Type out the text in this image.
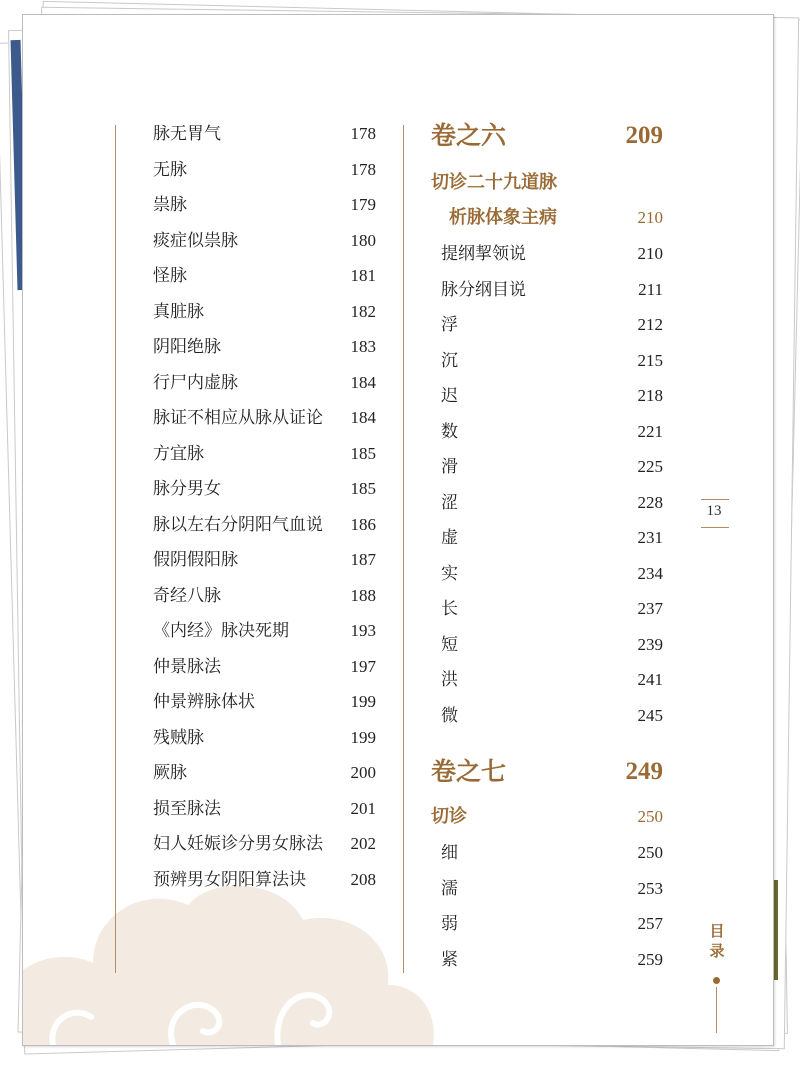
脉无胃气	178
无脉	178
祟脉	179
痰症似祟脉	180
怪脉	181
真脏脉	182
阴阳绝脉	183
行尸内虚脉	184
脉证不相应从脉从证论 184
方宜脉	185
脉分男女	185
脉以左右分阴阳气血说 186
假阴假阳脉	187
奇经八脉	188
《内经》脉决死期	193
仲景脉法	197
仲景辨脉体状	199
残贼脉	199
厥脉	200
损至脉法	201
妇人妊娠诊分男女脉法 202
预辨男女阴阳算法诀	208
卷之六	209
切诊二十九道脉
析脉体象主病	210
提纲挈领说	210
脉分纲目说	211
浮	212
沉	215
迟	218
数	221
滑	225
涩	228
虚	231
实	234
长	237
短	239
洪	241
微	245
卷之七	249
切诊	250
细	250
濡	253
弱	257
紧	259
13
目录
